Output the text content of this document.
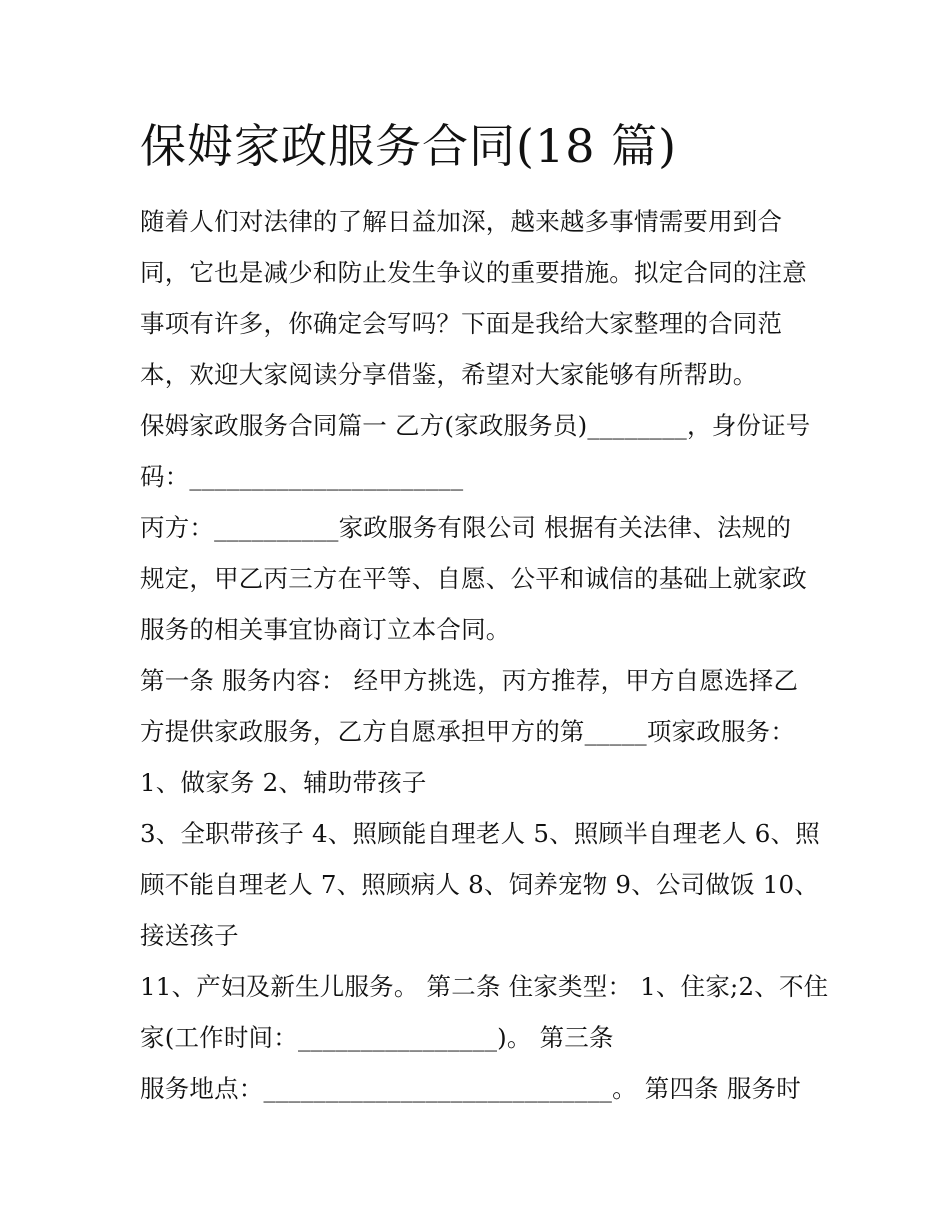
保姆家政服务合同(18 篇)
随着人们对法律的了解日益加深，越来越多事情需要用到合
同，它也是减少和防止发生争议的重要措施。拟定合同的注意
事项有许多，你确定会写吗？下面是我给大家整理的合同范
本，欢迎大家阅读分享借鉴，希望对大家能够有所帮助。
保姆家政服务合同篇一 乙方(家政服务员)________，身份证号
码：______________________
丙方：__________家政服务有限公司 根据有关法律、法规的
规定，甲乙丙三方在平等、自愿、公平和诚信的基础上就家政
服务的相关事宜协商订立本合同。
第一条 服务内容： 经甲方挑选，丙方推荐，甲方自愿选择乙
方提供家政服务，乙方自愿承担甲方的第_____项家政服务：
1、做家务 2、辅助带孩子
3、全职带孩子 4、照顾能自理老人 5、照顾半自理老人 6、照
顾不能自理老人 7、照顾病人 8、饲养宠物 9、公司做饭 10、
接送孩子
11、产妇及新生儿服务。 第二条 住家类型： 1、住家;2、不住
家(工作时间：________________)。 第三条
服务地点：____________________________。 第四条 服务时
